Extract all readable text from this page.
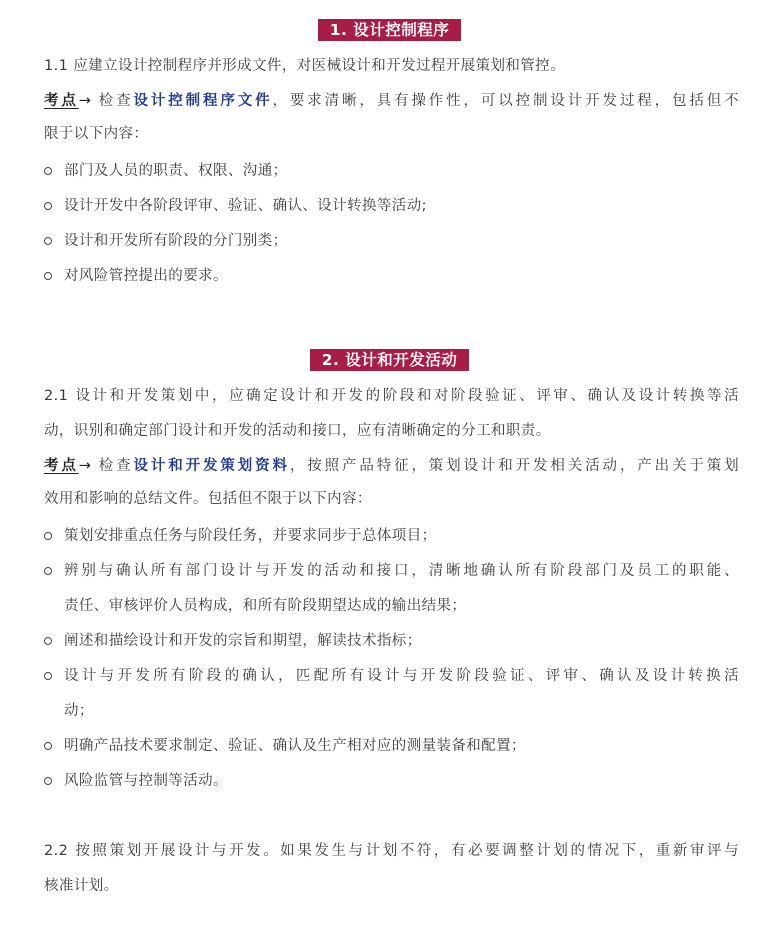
1. 设计控制程序
1.1 应建立设计控制程序并形成文件，对医械设计和开发过程开展策划和管控。
考点→ 检查设计控制程序文件，要求清晰，具有操作性，可以控制设计开发过程，包括但不
限于以下内容：
部门及人员的职责、权限、沟通；
设计开发中各阶段评审、验证、确认、设计转换等活动;
设计和开发所有阶段的分门别类；
对风险管控提出的要求。
2. 设计和开发活动
2.1 设计和开发策划中，应确定设计和开发的阶段和对阶段验证、评审、确认及设计转换等活
动，识别和确定部门设计和开发的活动和接口，应有清晰确定的分工和职责。
考点→ 检查设计和开发策划资料，按照产品特征，策划设计和开发相关活动，产出关于策划
效用和影响的总结文件。包括但不限于以下内容：
策划安排重点任务与阶段任务，并要求同步于总体项目；
辨别与确认所有部门设计与开发的活动和接口，清晰地确认所有阶段部门及员工的职能、
责任、审核评价人员构成，和所有阶段期望达成的输出结果；
阐述和描绘设计和开发的宗旨和期望，解读技术指标；
设计与开发所有阶段的确认，匹配所有设计与开发阶段验证、评审、确认及设计转换活
动；
明确产品技术要求制定、验证、确认及生产相对应的测量装备和配置；
风险监管与控制等活动。
2.2 按照策划开展设计与开发。如果发生与计划不符，有必要调整计划的情况下，重新审评与
核准计划。
